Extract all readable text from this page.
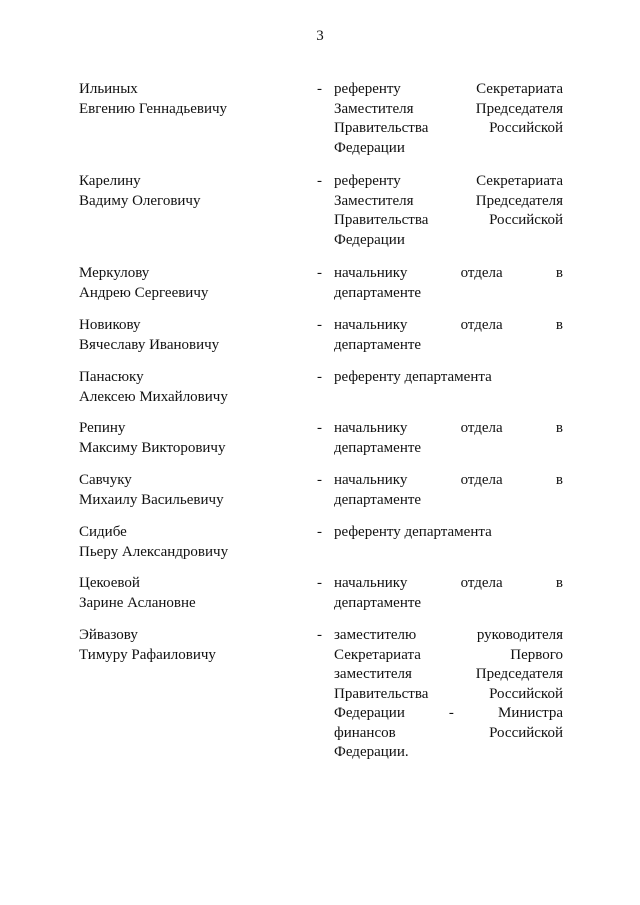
3
Ильиных
Евгению Геннадьевичу
- референту	Секретариата
Заместителя	Председателя
Правительства	Российской
Федерации
Карелину
Вадиму Олеговичу
- референту	Секретариата
Заместителя	Председателя
Правительства	Российской
Федерации
Меркулову
Андрею Сергеевичу
- начальнику	отдела	в
департаменте
Новикову
Вячеславу Ивановичу
- начальнику	отдела	в
департаменте
Панасюку
Алексею Михайловичу
- референту департамента
Репину
Максиму Викторовичу
- начальнику	отдела	в
департаменте
Савчуку
Михаилу Васильевичу
- начальнику	отдела	в
департаменте
Сидибе
Пьеру Александровичу
- референту департамента
Цекоевой
Зарине Аслановне
- начальнику	отдела	в
департаменте
Эйвазову
Тимуру Рафаиловичу
- заместителю	руководителя
Секретариата	Первого
заместителя	Председателя
Правительства	Российской
Федерации	-	Министра
финансов	Российской
Федерации.
